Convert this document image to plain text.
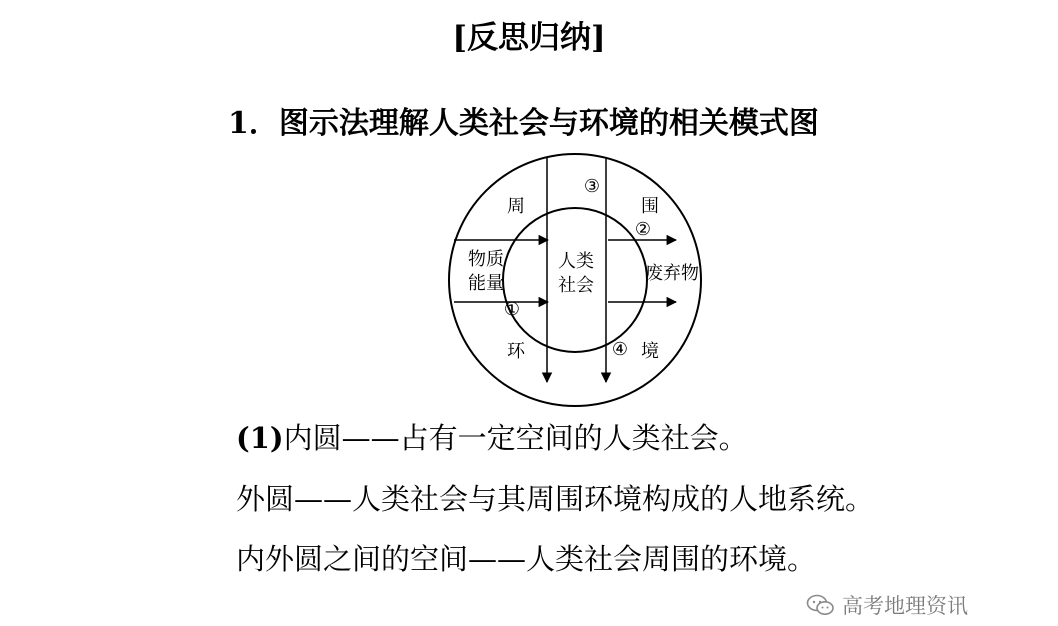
[反思归纳]
1．图示法理解人类社会与环境的相关模式图
人类
社会
物质
能量	废弃物
周	围
环	境
①
②
③
④
(1)内圆——占有一定空间的人类社会。
外圆——人类社会与其周围环境构成的人地系统。
内外圆之间的空间——人类社会周围的环境。
高考地理资讯
